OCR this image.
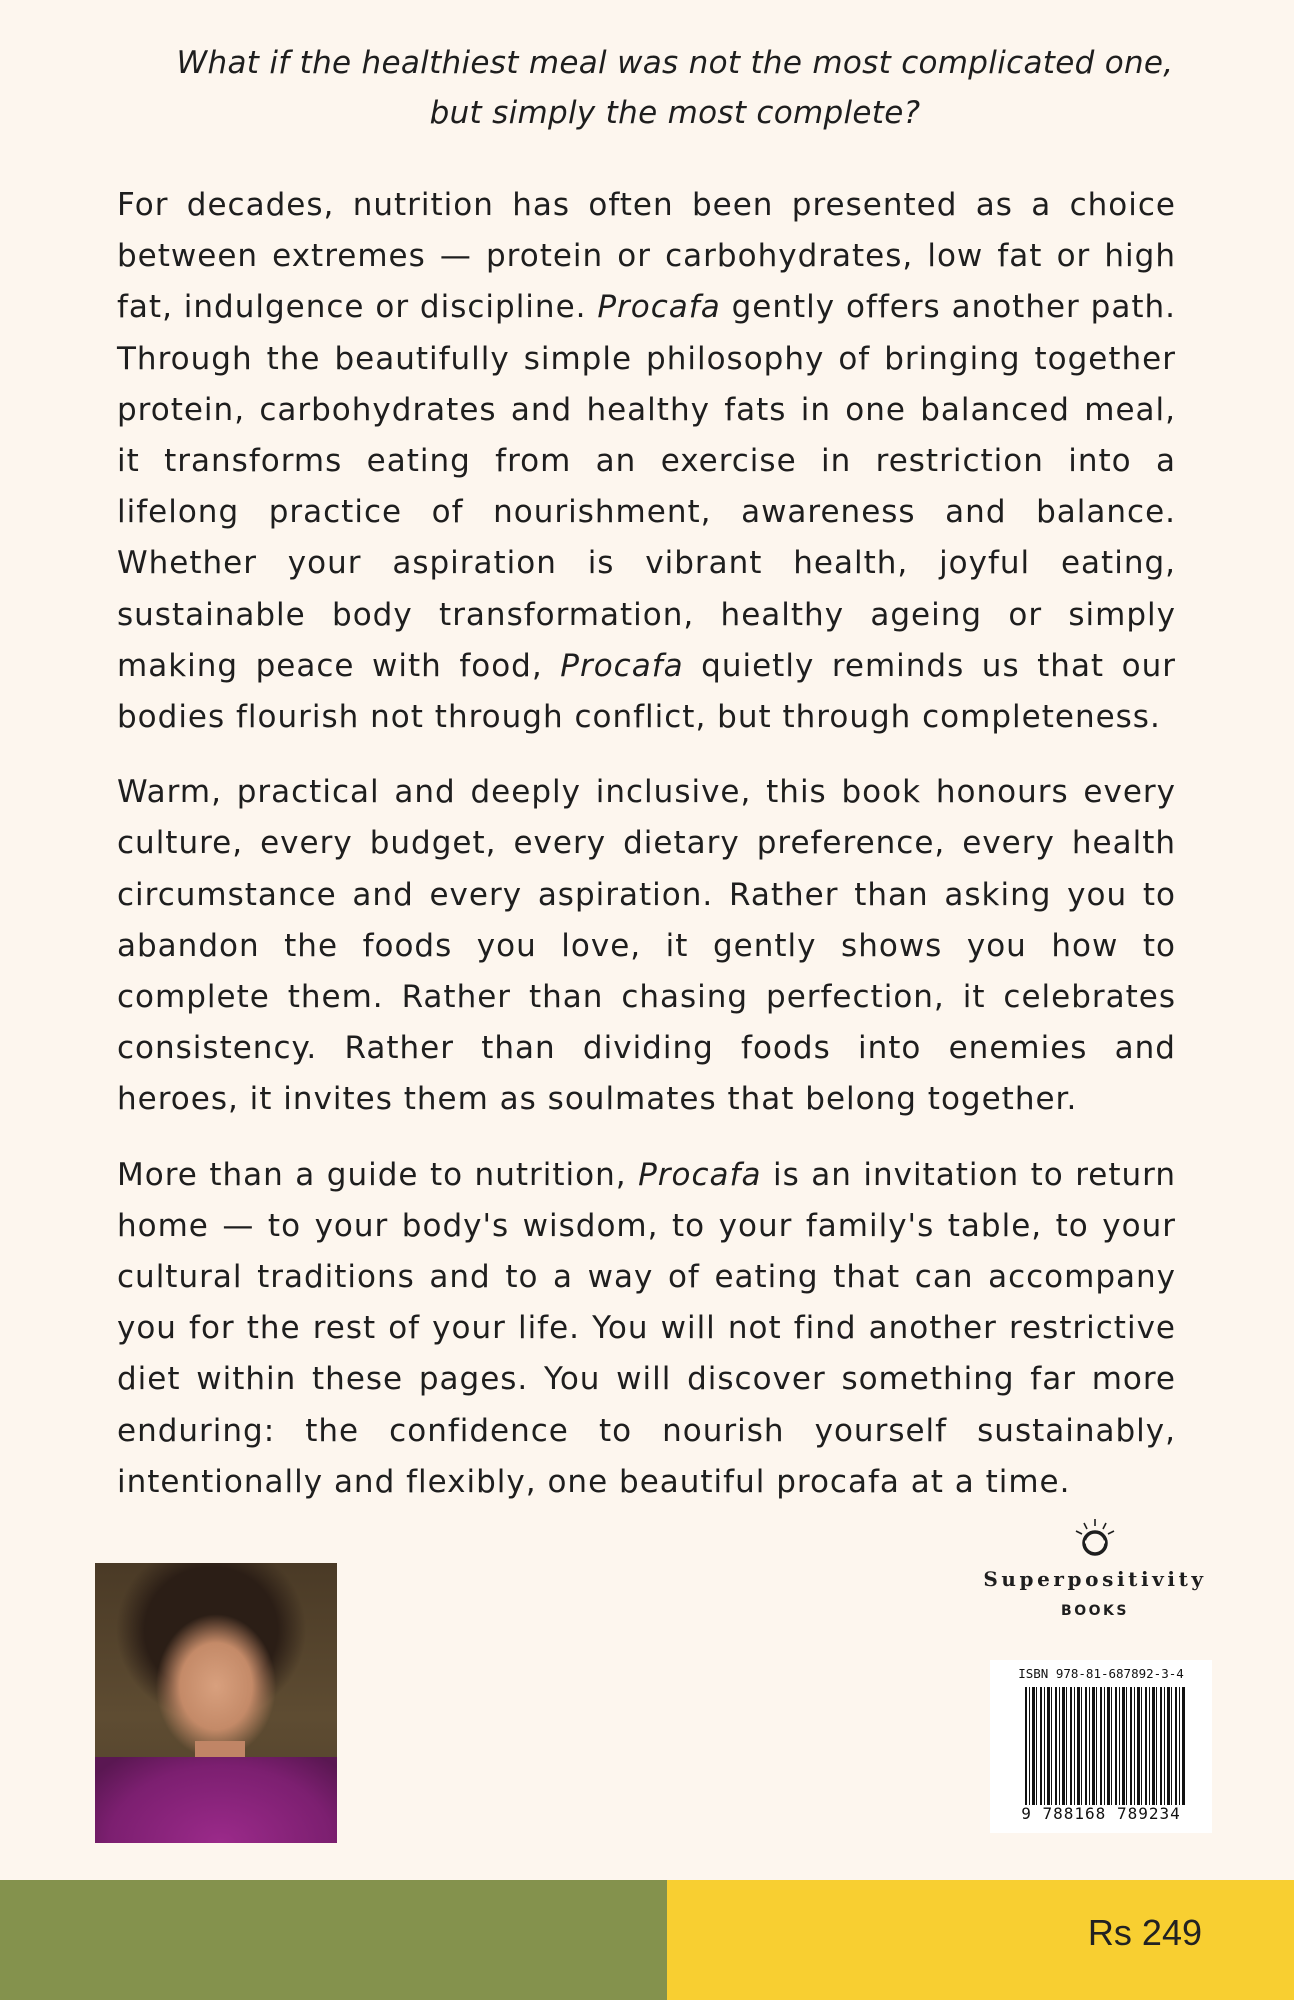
What if the healthiest meal was not the most complicated one,
but simply the most complete?

For decades, nutrition has often been presented as a choice between extremes — protein or carbohydrates, low fat or high fat, indulgence or discipline. Procafa gently offers another path. Through the beautifully simple philosophy of bringing together protein, carbohydrates and healthy fats in one balanced meal, it transforms eating from an exercise in restriction into a lifelong practice of nourishment, awareness and balance. Whether your aspiration is vibrant health, joyful eating, sustainable body transformation, healthy ageing or simply making peace with food, Procafa quietly reminds us that our bodies flourish not through conflict, but through completeness.

Warm, practical and deeply inclusive, this book honours every culture, every budget, every dietary preference, every health circumstance and every aspiration. Rather than asking you to abandon the foods you love, it gently shows you how to complete them. Rather than chasing perfection, it celebrates consistency. Rather than dividing foods into enemies and heroes, it invites them as soulmates that belong together.

More than a guide to nutrition, Procafa is an invitation to return home — to your body's wisdom, to your family's table, to your cultural traditions and to a way of eating that can accompany you for the rest of your life. You will not find another restrictive diet within these pages. You will discover something far more enduring: the confidence to nourish yourself sustainably, intentionally and flexibly, one beautiful procafa at a time.

Superpositivity
BOOKS
ISBN 978-81-687892-3-4
9 788168 789234
Rs 249
